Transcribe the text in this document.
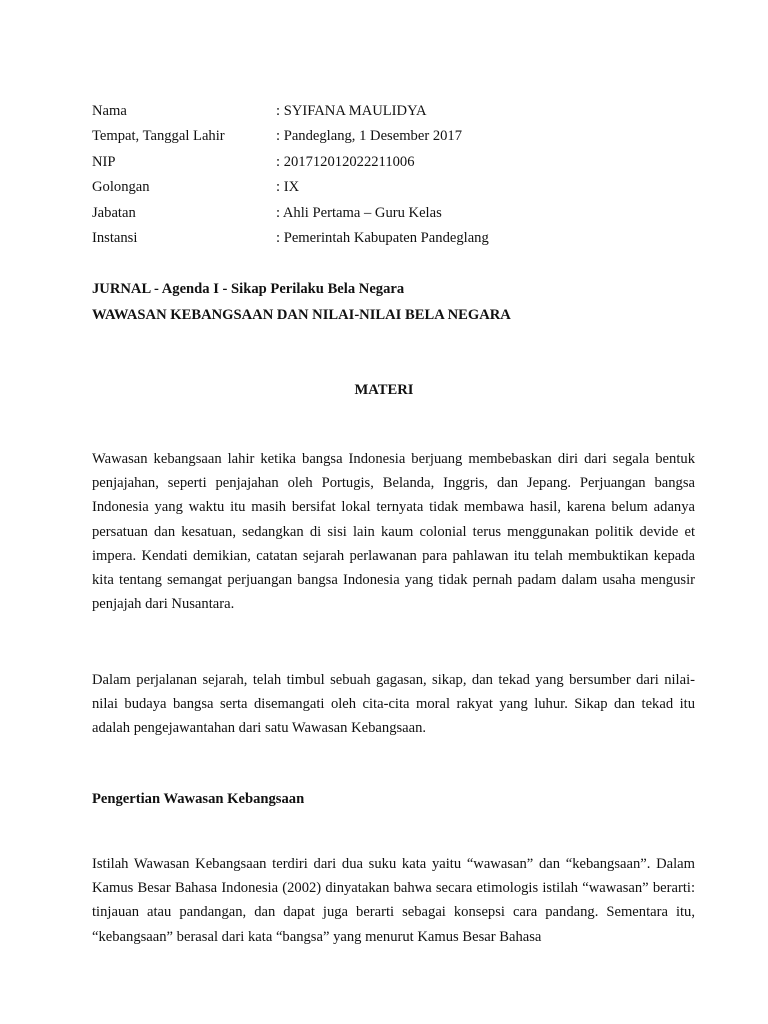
Nama	: SYIFANA MAULIDYA
Tempat, Tanggal Lahir	: Pandeglang, 1 Desember 2017
NIP	: 201712012022211006
Golongan	: IX
Jabatan	: Ahli Pertama – Guru Kelas
Instansi	: Pemerintah Kabupaten Pandeglang
JURNAL - Agenda I - Sikap Perilaku Bela Negara
WAWASAN KEBANGSAAN DAN NILAI-NILAI BELA NEGARA
MATERI

Wawasan kebangsaan lahir ketika bangsa Indonesia berjuang membebaskan diri dari segala bentuk penjajahan, seperti penjajahan oleh Portugis, Belanda, Inggris, dan Jepang. Perjuangan bangsa Indonesia yang waktu itu masih bersifat lokal ternyata tidak membawa hasil, karena belum adanya persatuan dan kesatuan, sedangkan di sisi lain kaum colonial terus menggunakan politik devide et impera. Kendati demikian, catatan sejarah perlawanan para pahlawan itu telah membuktikan kepada kita tentang semangat perjuangan bangsa Indonesia yang tidak pernah padam dalam usaha mengusir penjajah dari Nusantara.

Dalam perjalanan sejarah, telah timbul sebuah gagasan, sikap, dan tekad yang bersumber dari nilai-nilai budaya bangsa serta disemangati oleh cita-cita moral rakyat yang luhur. Sikap dan tekad itu adalah pengejawantahan dari satu Wawasan Kebangsaan.

Pengertian Wawasan Kebangsaan

Istilah Wawasan Kebangsaan terdiri dari dua suku kata yaitu “wawasan” dan “kebangsaan”. Dalam Kamus Besar Bahasa Indonesia (2002) dinyatakan bahwa secara etimologis istilah “wawasan” berarti: tinjauan atau pandangan, dan dapat juga berarti sebagai konsepsi cara pandang. Sementara itu, “kebangsaan” berasal dari kata “bangsa” yang menurut Kamus Besar Bahasa
